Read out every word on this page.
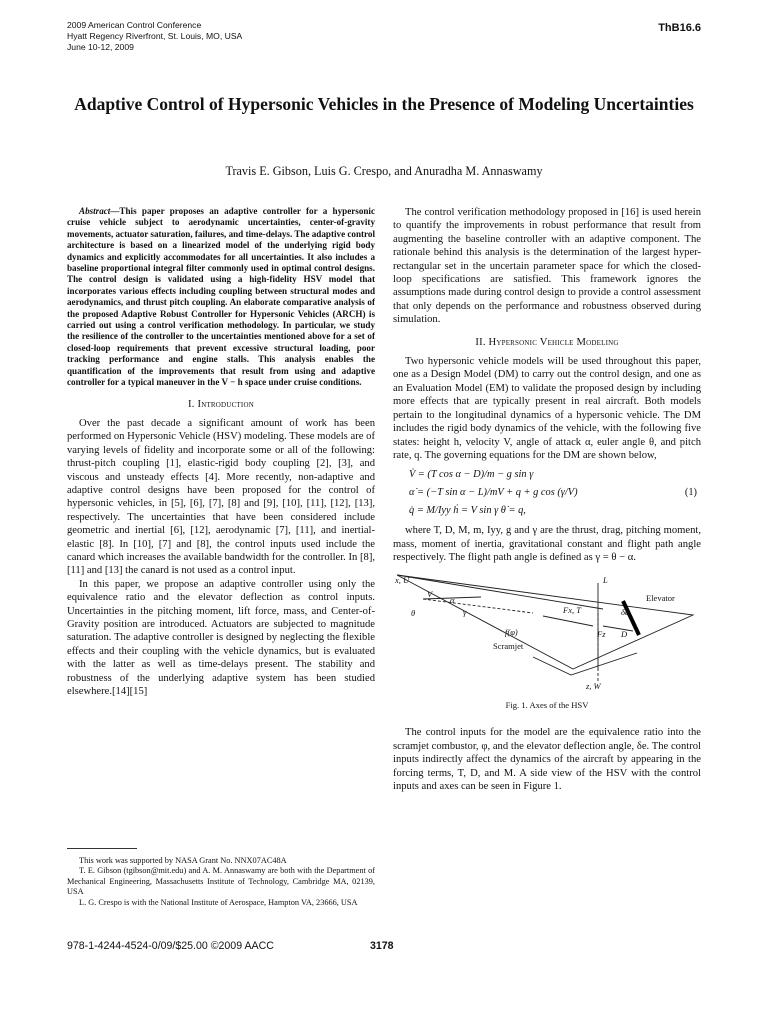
2009 American Control Conference
Hyatt Regency Riverfront, St. Louis, MO, USA
June 10-12, 2009
ThB16.6
Adaptive Control of Hypersonic Vehicles in the Presence of Modeling Uncertainties
Travis E. Gibson, Luis G. Crespo, and Anuradha M. Annaswamy

Abstract—This paper proposes an adaptive controller for a hypersonic cruise vehicle subject to aerodynamic uncertainties, center-of-gravity movements, actuator saturation, failures, and time-delays. The adaptive control architecture is based on a linearized model of the underlying rigid body dynamics and explicitly accommodates for all uncertainties. It also includes a baseline proportional integral filter commonly used in optimal control designs. The control design is validated using a high-fidelity HSV model that incorporates various effects including coupling between structural modes and aerodynamics, and thrust pitch coupling. An elaborate comparative analysis of the proposed Adaptive Robust Controller for Hypersonic Vehicles (ARCH) is carried out using a control verification methodology. In particular, we study the resilience of the controller to the uncertainties mentioned above for a set of closed-loop requirements that prevent excessive structural loading, poor tracking performance and engine stalls. This analysis enables the quantification of the improvements that result from using and adaptive controller for a typical maneuver in the V − h space under cruise conditions.

I. Introduction

Over the past decade a significant amount of work has been performed on Hypersonic Vehicle (HSV) modeling. These models are of varying levels of fidelity and incorporate some or all of the following: thrust-pitch coupling [1], elastic-rigid body coupling [2], [3], and viscous and unsteady effects [4]. More recently, non-adaptive and adaptive control designs have been proposed for the control of hypersonic vehicles, in [5], [6], [7], [8] and [9], [10], [11], [12], [13], respectively. The uncertainties that have been considered include geometric and inertial [6], [12], aerodynamic [7], [11], and inertial-elastic [8]. In [10], [7] and [8], the control inputs used include the canard which increases the available bandwidth for the controller. In [8], [11] and [13] the canard is not used as a control input.

In this paper, we propose an adaptive controller using only the equivalence ratio and the elevator deflection as control inputs. Uncertainties in the pitching moment, lift force, mass, and Center-of-Gravity position are introduced. Actuators are subjected to magnitude saturation. The adaptive controller is designed by neglecting the flexible effects and their coupling with the vehicle dynamics, but is evaluated with the latter as well as time-delays present. The stability and robustness of the underlying adaptive system has been studied elsewhere.[14][15]

This work was supported by NASA Grant No. NNX07AC48A
T. E. Gibson (tgibson@mit.edu) and A. M. Annaswamy are both with the Department of Mechanical Engineering, Massachusetts Institute of Technology, Cambridge MA, 02139, USA
L. G. Crespo is with the National Institute of Aerospace, Hampton VA, 23666, USA

The control verification methodology proposed in [16] is used herein to quantify the improvements in robust performance that result from augmenting the baseline controller with an adaptive component. The rationale behind this analysis is the determination of the largest hyper-rectangular set in the uncertain parameter space for which the closed-loop specifications are satisfied. This framework ignores the assumptions made during control design to provide a control assessment that only depends on the performance and robustness observed during simulation.

II. Hypersonic Vehicle Modeling

Two hypersonic vehicle models will be used throughout this paper, one as a Design Model (DM) to carry out the control design, and one as an Evaluation Model (EM) to validate the proposed design by including more effects that are typically present in real aircraft. Both models pertain to the longitudinal dynamics of a hypersonic vehicle. The DM includes the rigid body dynamics of the vehicle, with the following five states: height h, velocity V, angle of attack α, euler angle θ, and pitch rate, q. The governing equations for the DM are shown below,

V̇ = (T cos α − D)/m − g sin γ
α̇ = (−T sin α − L)/mV + q + g cos (γ/V)
q̇ = M/Iyy ḣ = V sin γ θ̇ = q,
(1)

where T, D, M, m, Iyy, g and γ are the thrust, drag, pitching moment, mass, moment of inertia, gravitational constant and flight path angle respectively. The flight path angle is defined as γ = θ − α.

x, U	L
V
α
γ
θ	Fx, T
Elevator
δe
D
Fz
f(φ)
Scramjet
z, W
Fig. 1. Axes of the HSV

The control inputs for the model are the equivalence ratio into the scramjet combustor, φ, and the elevator deflection angle, δe. The control inputs indirectly affect the dynamics of the aircraft by appearing in the forcing terms, T, D, and M. A side view of the HSV with the control inputs and axes can be seen in Figure 1.

978-1-4244-4524-0/09/$25.00 ©2009 AACC	3178
